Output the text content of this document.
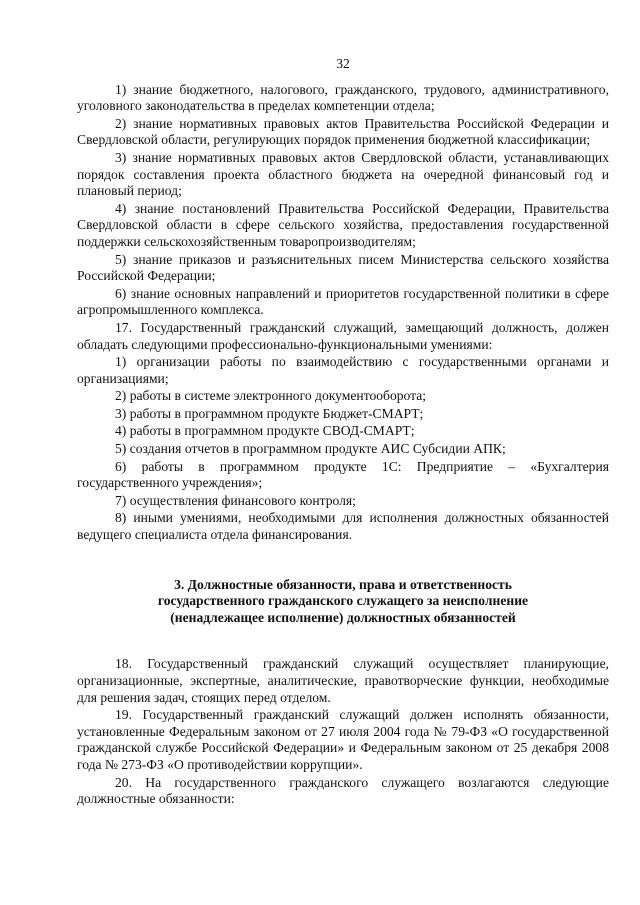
32

1) знание бюджетного, налогового, гражданского, трудового, административного, уголовного законодательства в пределах компетенции отдела;

2) знание нормативных правовых актов Правительства Российской Федерации и Свердловской области, регулирующих порядок применения бюджетной классификации;

3) знание нормативных правовых актов Свердловской области, устанавливающих порядок составления проекта областного бюджета на очередной финансовый год и плановый период;

4) знание постановлений Правительства Российской Федерации, Правительства Свердловской области в сфере сельского хозяйства, предоставления государственной поддержки сельскохозяйственным товаропроизводителям;

5) знание приказов и разъяснительных писем Министерства сельского хозяйства Российской Федерации;

6) знание основных направлений и приоритетов государственной политики в сфере агропромышленного комплекса.

17. Государственный гражданский служащий, замещающий должность, должен обладать следующими профессионально-функциональными умениями:

1) организации работы по взаимодействию с государственными органами и организациями;

2) работы в системе электронного документооборота;

3) работы в программном продукте Бюджет-СМАРТ;

4) работы в программном продукте СВОД-СМАРТ;

5) создания отчетов в программном продукте АИС Субсидии АПК;

6) работы в программном продукте 1С: Предприятие – «Бухгалтерия государственного учреждения»;

7) осуществления финансового контроля;

8) иными умениями, необходимыми для исполнения должностных обязанностей ведущего специалиста отдела финансирования.

3. Должностные обязанности, права и ответственность
государственного гражданского служащего за неисполнение
(ненадлежащее исполнение) должностных обязанностей

18. Государственный гражданский служащий осуществляет планирующие, организационные, экспертные, аналитические, правотворческие функции, необходимые для решения задач, стоящих перед отделом.

19. Государственный гражданский служащий должен исполнять обязанности, установленные Федеральным законом от 27 июля 2004 года № 79-ФЗ «О государственной гражданской службе Российской Федерации» и Федеральным законом от 25 декабря 2008 года № 273-ФЗ «О противодействии коррупции».

20. На государственного гражданского служащего возлагаются следующие должностные обязанности:
